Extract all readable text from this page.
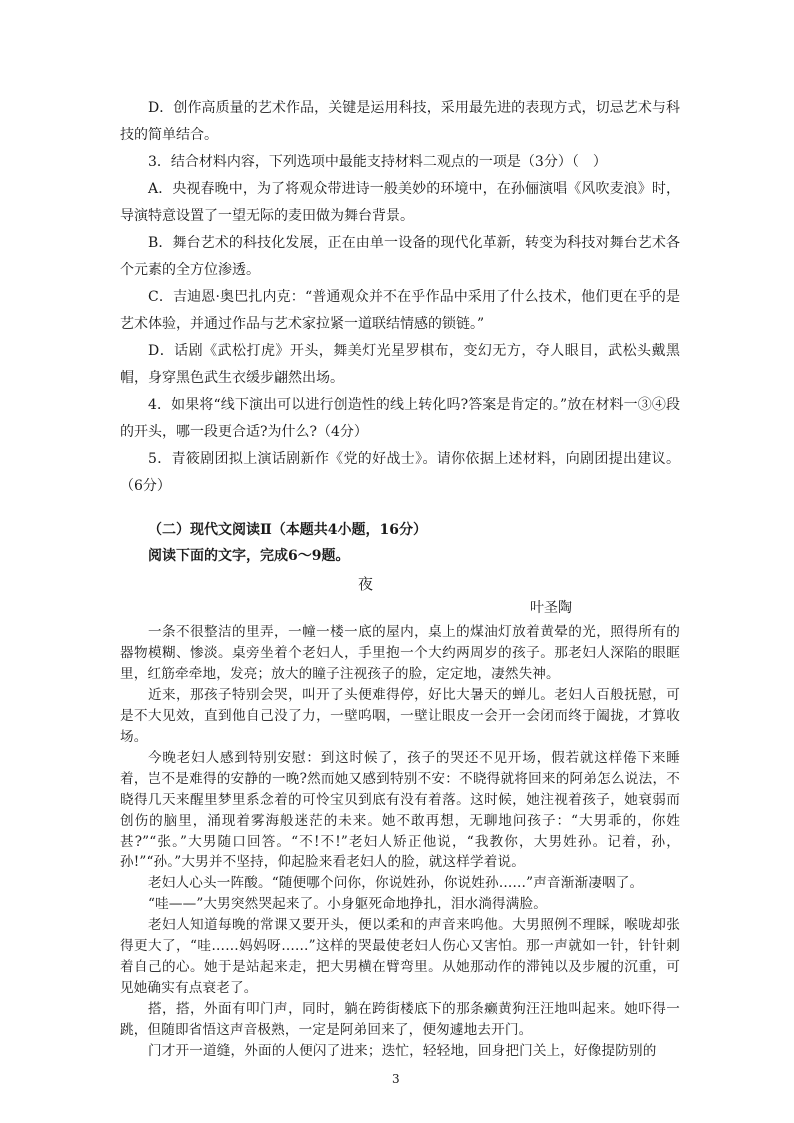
D．创作高质量的艺术作品，关键是运用科技，采用最先进的表现方式，切忌艺术与科技的简单结合。

3．结合材料内容，下列选项中最能支持材料二观点的一项是（3分）（　）

A．央视春晚中，为了将观众带进诗一般美妙的环境中，在孙俪演唱《风吹麦浪》时，导演特意设置了一望无际的麦田做为舞台背景。

B．舞台艺术的科技化发展，正在由单一设备的现代化革新，转变为科技对舞台艺术各个元素的全方位渗透。

C．吉迪恩·奥巴扎内克：“普通观众并不在乎作品中采用了什么技术，他们更在乎的是艺术体验，并通过作品与艺术家拉紧一道联结情感的锁链。”

D．话剧《武松打虎》开头，舞美灯光星罗棋布，变幻无方，夺人眼目，武松头戴黑帽，身穿黑色武生衣缓步翩然出场。

4．如果将“线下演出可以进行创造性的线上转化吗?答案是肯定的。”放在材料一③④段的开头，哪一段更合适?为什么?（4分）

5．青筱剧团拟上演话剧新作《党的好战士》。请你依据上述材料，向剧团提出建议。（6分）

（二）现代文阅读Ⅱ（本题共4小题，16分）

阅读下面的文字，完成6～9题。

夜

叶圣陶

一条不很整洁的里弄，一幢一楼一底的屋内，桌上的煤油灯放着黄晕的光，照得所有的器物模糊、惨淡。桌旁坐着个老妇人，手里抱一个大约两周岁的孩子。那老妇人深陷的眼眶里，红筋牵牵地，发亮；放大的瞳子注视孩子的脸，定定地，凄然失神。

近来，那孩子特别会哭，叫开了头便难得停，好比大暑天的蝉儿。老妇人百般抚慰，可是不大见效，直到他自己没了力，一壁呜咽，一壁让眼皮一会开一会闭而终于阖拢，才算收场。

今晚老妇人感到特别安慰：到这时候了，孩子的哭还不见开场，假若就这样倦下来睡着，岂不是难得的安静的一晚?然而她又感到特别不安：不晓得就将回来的阿弟怎么说法，不晓得几天来醒里梦里系念着的可怜宝贝到底有没有着落。这时候，她注视着孩子，她衰弱而创伤的脑里，涌现着雾海般迷茫的未来。她不敢再想，无聊地问孩子：“大男乖的，你姓甚?”“张。”大男随口回答。“不!不!”老妇人矫正他说，“我教你，大男姓孙。记着，孙，孙!”“孙。”大男并不坚持，仰起脸来看老妇人的脸，就这样学着说。

老妇人心头一阵酸。“随便哪个问你，你说姓孙，你说姓孙……”声音渐渐凄咽了。

“哇——”大男突然哭起来了。小身躯死命地挣扎，泪水淌得满脸。

老妇人知道每晚的常课又要开头，便以柔和的声音来呜他。大男照例不理睬，喉咙却张得更大了，“哇……妈妈呀……”这样的哭最使老妇人伤心又害怕。那一声就如一针，针针刺着自己的心。她于是站起来走，把大男横在臂弯里。从她那动作的滞钝以及步履的沉重，可见她确实有点衰老了。

3

搭，搭，外面有叩门声，同时，躺在跨街楼底下的那条癞黄狗汪汪地叫起来。她吓得一跳，但随即省悟这声音极熟，一定是阿弟回来了，便匆遽地去开门。

门才开一道缝，外面的人便闪了进来；迭忙，轻轻地，回身把门关上，好像提防别的
